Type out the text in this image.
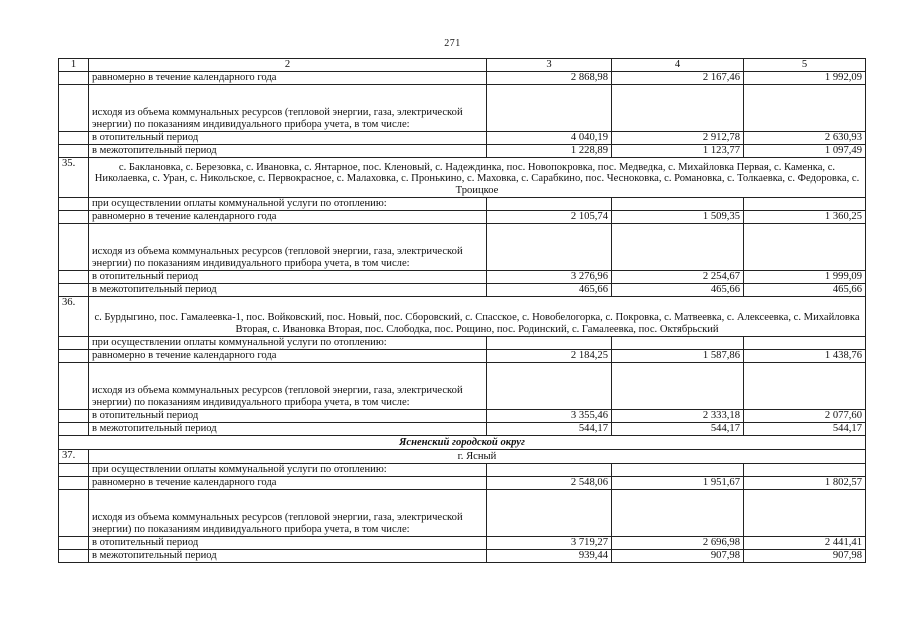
271
1	2	3	4	5
	равномерно в течение календарного года	2 868,98	2 167,46	1 992,09
	исходя из объема коммунальных ресурсов (тепловой энергии, газа, электрической энергии) по показаниям индивидуального прибора учета, в том числе:			
	в отопительный период	4 040,19	2 912,78	2 630,93
	в межотопительный период	1 228,89	1 123,77	1 097,49
35.	с. Баклановка, с. Березовка, с. Ивановка, с. Янтарное, пос. Кленовый, с. Надеждинка, пос. Новопокровка, пос. Медведка, с. Михайловка Первая, с. Каменка, с. Николаевка, с. Уран, с. Никольское, с. Первокрасное, с. Малаховка, с. Пронькино, с. Маховка, с. Сарабкино, пос. Чесноковка, с. Романовка, с. Толкаевка, с. Федоровка, с. Троицкое			
	при осуществлении оплаты коммунальной услуги по отоплению:			
	равномерно в течение календарного года	2 105,74	1 509,35	1 360,25
	исходя из объема коммунальных ресурсов (тепловой энергии, газа, электрической энергии) по показаниям индивидуального прибора учета, в том числе:			
	в отопительный период	3 276,96	2 254,67	1 999,09
	в межотопительный период	465,66	465,66	465,66
36.	с. Бурдыгино, пос. Гамалеевка-1, пос. Войковский, пос. Новый, пос. Сборовский, с. Спасское, с. Новобелогорка, с. Покровка, с. Матвеевка, с. Алексеевка, с. Михайловка Вторая, с. Ивановка Вторая, пос. Слободка, пос. Рощино, пос. Родинский, с. Гамалеевка, пос. Октябрьский			
	при осуществлении оплаты коммунальной услуги по отоплению:			
	равномерно в течение календарного года	2 184,25	1 587,86	1 438,76
	исходя из объема коммунальных ресурсов (тепловой энергии, газа, электрической энергии) по показаниям индивидуального прибора учета, в том числе:			
	в отопительный период	3 355,46	2 333,18	2 077,60
	в межотопительный период	544,17	544,17	544,17
Ясненский городской округ				
37.	г. Ясный			
	при осуществлении оплаты коммунальной услуги по отоплению:			
	равномерно в течение календарного года	2 548,06	1 951,67	1 802,57
	исходя из объема коммунальных ресурсов (тепловой энергии, газа, электрической энергии) по показаниям индивидуального прибора учета, в том числе:			
	в отопительный период	3 719,27	2 696,98	2 441,41
	в межотопительный период	939,44	907,98	907,98
